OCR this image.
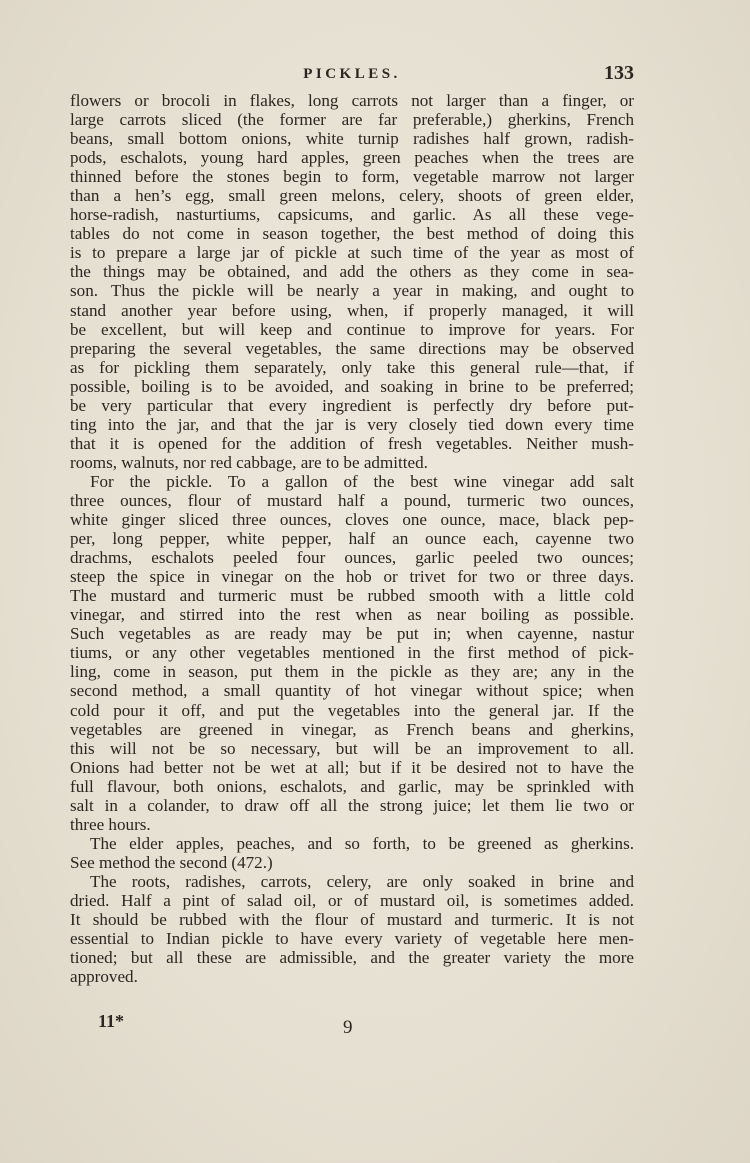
PICKLES.	133
flowers or brocoli in flakes, long carrots not larger than a finger, or
large carrots sliced (the former are far preferable,) gherkins, French
beans, small bottom onions, white turnip radishes half grown, radish-
pods, eschalots, young hard apples, green peaches when the trees are
thinned before the stones begin to form, vegetable marrow not larger
than a hen’s egg, small green melons, celery, shoots of green elder,
horse-radish, nasturtiums, capsicums, and garlic. As all these vege-
tables do not come in season together, the best method of doing this
is to prepare a large jar of pickle at such time of the year as most of
the things may be obtained, and add the others as they come in sea-
son. Thus the pickle will be nearly a year in making, and ought to
stand another year before using, when, if properly managed, it will
be excellent, but will keep and continue to improve for years. For
preparing the several vegetables, the same directions may be observed
as for pickling them separately, only take this general rule—that, if
possible, boiling is to be avoided, and soaking in brine to be preferred;
be very particular that every ingredient is perfectly dry before put-
ting into the jar, and that the jar is very closely tied down every time
that it is opened for the addition of fresh vegetables. Neither mush-
rooms, walnuts, nor red cabbage, are to be admitted.
For the pickle. To a gallon of the best wine vinegar add salt
three ounces, flour of mustard half a pound, turmeric two ounces,
white ginger sliced three ounces, cloves one ounce, mace, black pep-
per, long pepper, white pepper, half an ounce each, cayenne two
drachms, eschalots peeled four ounces, garlic peeled two ounces;
steep the spice in vinegar on the hob or trivet for two or three days.
The mustard and turmeric must be rubbed smooth with a little cold
vinegar, and stirred into the rest when as near boiling as possible.
Such vegetables as are ready may be put in; when cayenne, nastur
tiums, or any other vegetables mentioned in the first method of pick-
ling, come in season, put them in the pickle as they are; any in the
second method, a small quantity of hot vinegar without spice; when
cold pour it off, and put the vegetables into the general jar. If the
vegetables are greened in vinegar, as French beans and gherkins,
this will not be so necessary, but will be an improvement to all.
Onions had better not be wet at all; but if it be desired not to have the
full flavour, both onions, eschalots, and garlic, may be sprinkled with
salt in a colander, to draw off all the strong juice; let them lie two or
three hours.
The elder apples, peaches, and so forth, to be greened as gherkins.
See method the second (472.)
The roots, radishes, carrots, celery, are only soaked in brine and
dried. Half a pint of salad oil, or of mustard oil, is sometimes added.
It should be rubbed with the flour of mustard and turmeric. It is not
essential to Indian pickle to have every variety of vegetable here men-
tioned; but all these are admissible, and the greater variety the more
approved.
11*	9
